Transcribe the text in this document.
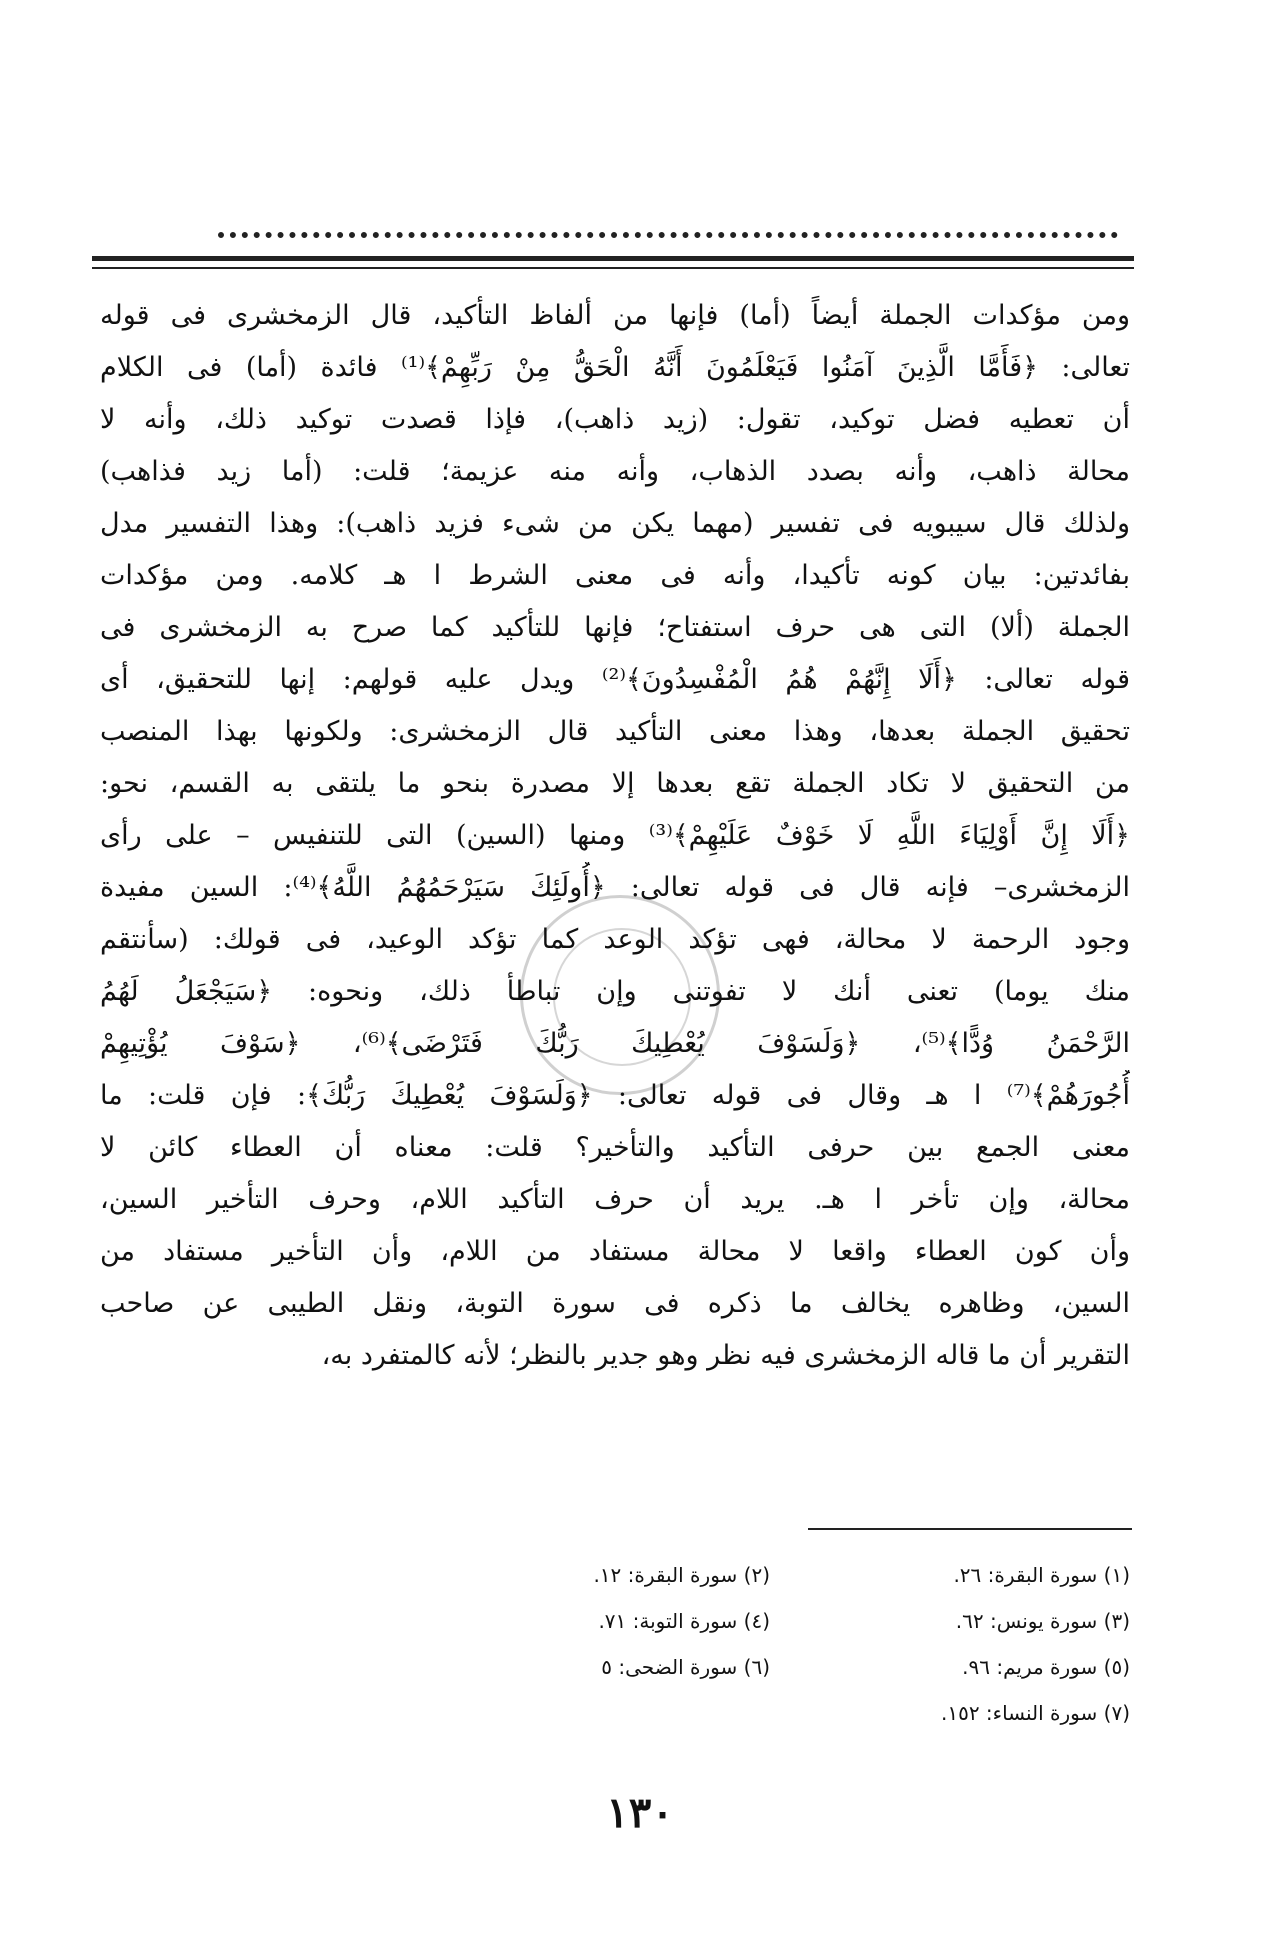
ومن مؤكدات الجملة أيضاً (أما) فإنها من ألفاظ التأكيد، قال الزمخشرى فى قوله
تعالى: ﴿فَأَمَّا الَّذِينَ آمَنُوا فَيَعْلَمُونَ أَنَّهُ الْحَقُّ مِنْ رَبِّهِمْ﴾⁽¹⁾ فائدة (أما) فى الكلام
أن تعطيه فضل توكيد، تقول: (زيد ذاهب)، فإذا قصدت توكيد ذلك، وأنه لا
محالة ذاهب، وأنه بصدد الذهاب، وأنه منه عزيمة؛ قلت: (أما زيد فذاهب)
ولذلك قال سيبويه فى تفسير (مهما يكن من شىء فزيد ذاهب): وهذا التفسير مدل
بفائدتين: بيان كونه تأكيدا، وأنه فى معنى الشرط ا هـ كلامه. ومن مؤكدات
الجملة (ألا) التى هى حرف استفتاح؛ فإنها للتأكيد كما صرح به الزمخشرى فى
قوله تعالى: ﴿أَلَا إِنَّهُمْ هُمُ الْمُفْسِدُونَ﴾⁽²⁾ ويدل عليه قولهم: إنها للتحقيق، أى
تحقيق الجملة بعدها، وهذا معنى التأكيد قال الزمخشرى: ولكونها بهذا المنصب
من التحقيق لا تكاد الجملة تقع بعدها إلا مصدرة بنحو ما يلتقى به القسم، نحو:
﴿أَلَا إِنَّ أَوْلِيَاءَ اللَّهِ لَا خَوْفٌ عَلَيْهِمْ﴾⁽³⁾ ومنها (السين) التى للتنفيس – على رأى
الزمخشرى– فإنه قال فى قوله تعالى: ﴿أُولَئِكَ سَيَرْحَمُهُمُ اللَّهُ﴾⁽⁴⁾: السين مفيدة
وجود الرحمة لا محالة، فهى تؤكد الوعد كما تؤكد الوعيد، فى قولك: (سأنتقم
منك يوما) تعنى أنك لا تفوتنى وإن تباطأ ذلك، ونحوه: ﴿سَيَجْعَلُ لَهُمُ
الرَّحْمَنُ وُدًّا﴾⁽⁵⁾، ﴿وَلَسَوْفَ يُعْطِيكَ رَبُّكَ فَتَرْضَى﴾⁽⁶⁾، ﴿سَوْفَ يُؤْتِيهِمْ
أُجُورَهُمْ﴾⁽⁷⁾ ا هـ وقال فى قوله تعالى: ﴿وَلَسَوْفَ يُعْطِيكَ رَبُّكَ﴾: فإن قلت: ما
معنى الجمع بين حرفى التأكيد والتأخير؟ قلت: معناه أن العطاء كائن لا
محالة، وإن تأخر ا هـ. يريد أن حرف التأكيد اللام، وحرف التأخير السين،
وأن كون العطاء واقعا لا محالة مستفاد من اللام، وأن التأخير مستفاد من
السين، وظاهره يخالف ما ذكره فى سورة التوبة، ونقل الطيبى عن صاحب
التقرير أن ما قاله الزمخشرى فيه نظر وهو جدير بالنظر؛ لأنه كالمتفرد به،
(١) سورة البقرة: ٢٦.
(٢) سورة البقرة: ١٢.
(٣) سورة يونس: ٦٢.
(٤) سورة التوبة: ٧١.
(٥) سورة مريم: ٩٦.
(٦) سورة الضحى: ٥
(٧) سورة النساء: ١٥٢.
١٣٠
